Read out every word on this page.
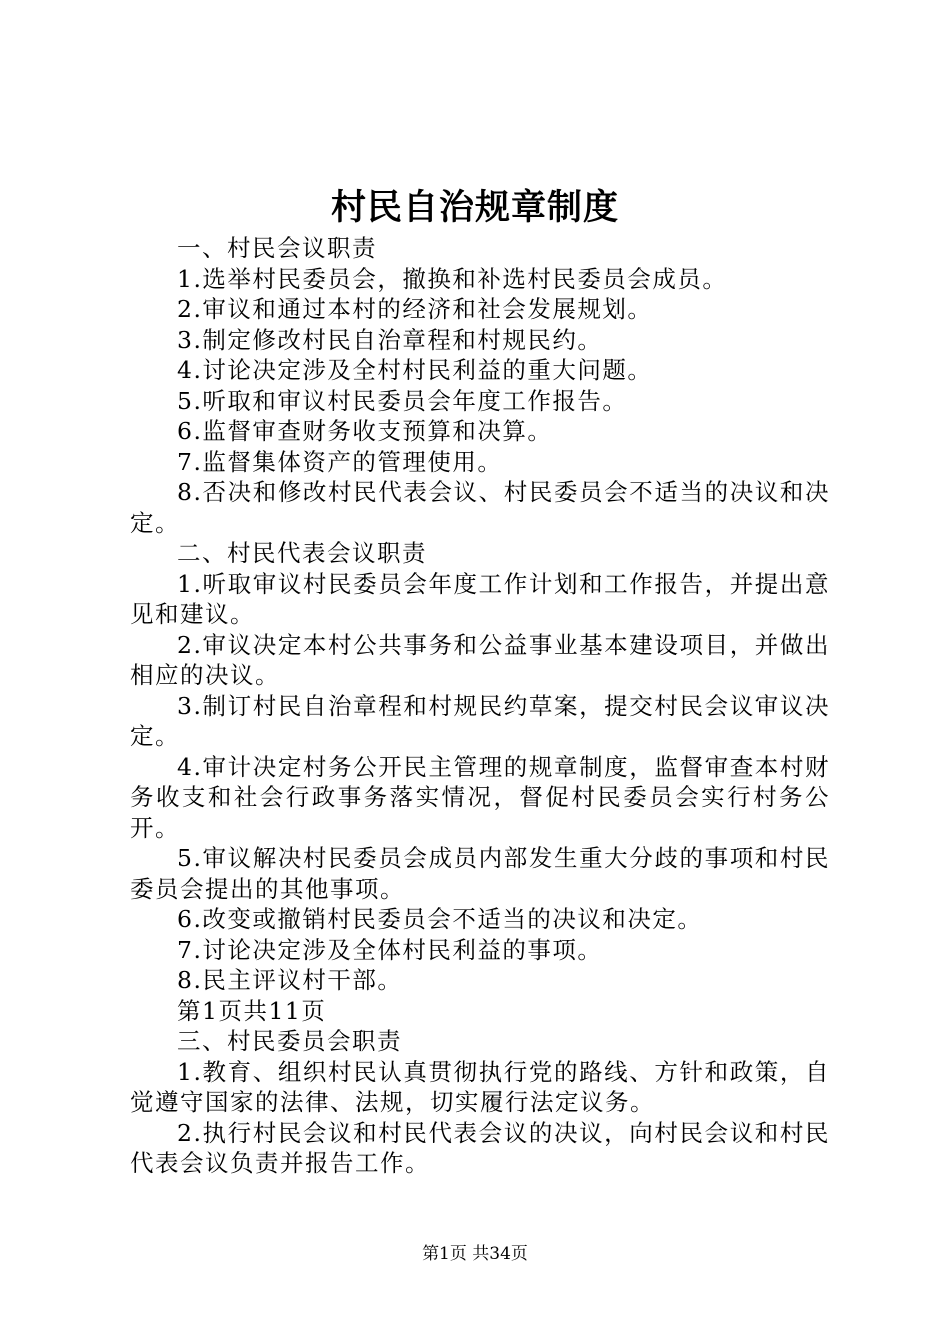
村民自治规章制度

一、村民会议职责

1.选举村民委员会，撤换和补选村民委员会成员。

2.审议和通过本村的经济和社会发展规划。

3.制定修改村民自治章程和村规民约。

4.讨论决定涉及全村村民利益的重大问题。

5.听取和审议村民委员会年度工作报告。

6.监督审查财务收支预算和决算。

7.监督集体资产的管理使用。

8.否决和修改村民代表会议、村民委员会不适当的决议和决定。

二、村民代表会议职责

1.听取审议村民委员会年度工作计划和工作报告，并提出意见和建议。

2.审议决定本村公共事务和公益事业基本建设项目，并做出相应的决议。

3.制订村民自治章程和村规民约草案，提交村民会议审议决定。

4.审计决定村务公开民主管理的规章制度，监督审查本村财务收支和社会行政事务落实情况，督促村民委员会实行村务公开。

5.审议解决村民委员会成员内部发生重大分歧的事项和村民委员会提出的其他事项。

6.改变或撤销村民委员会不适当的决议和决定。

7.讨论决定涉及全体村民利益的事项。

8.民主评议村干部。

第1页共11页

三、村民委员会职责

1.教育、组织村民认真贯彻执行党的路线、方针和政策，自觉遵守国家的法律、法规，切实履行法定议务。

2.执行村民会议和村民代表会议的决议，向村民会议和村民代表会议负责并报告工作。

第1页 共34页
